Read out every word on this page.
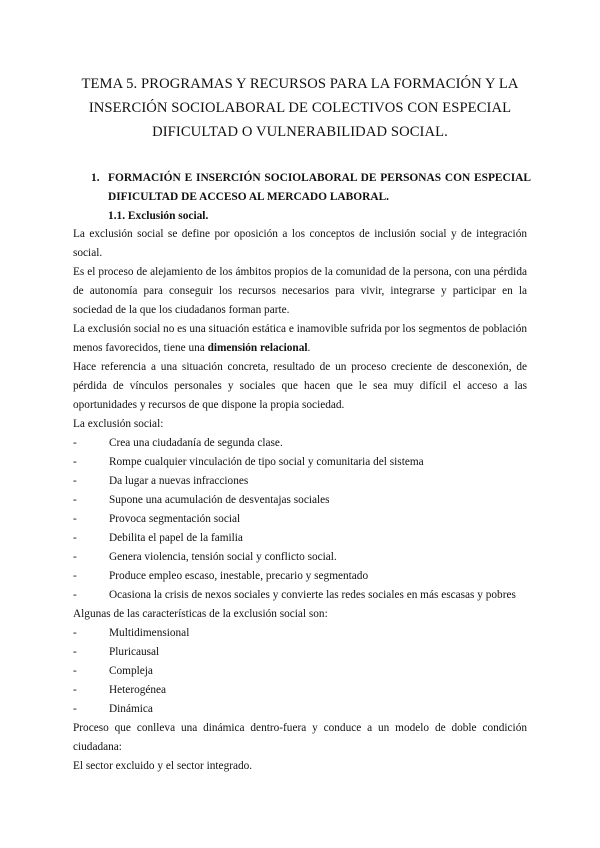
TEMA 5. PROGRAMAS Y RECURSOS PARA LA FORMACIÓN Y LA
INSERCIÓN SOCIOLABORAL DE COLECTIVOS CON ESPECIAL
DIFICULTAD O VULNERABILIDAD SOCIAL.
1. FORMACIÓN E INSERCIÓN SOCIOLABORAL DE PERSONAS CON ESPECIAL
DIFICULTAD DE ACCESO AL MERCADO LABORAL.
1.1. Exclusión social.

La exclusión social se define por oposición a los conceptos de inclusión social y de integración social.

Es el proceso de alejamiento de los ámbitos propios de la comunidad de la persona, con una pérdida de autonomía para conseguir los recursos necesarios para vivir, integrarse y participar en la sociedad de la que los ciudadanos forman parte.

La exclusión social no es una situación estática e inamovible sufrida por los segmentos de población menos favorecidos, tiene una dimensión relacional.

Hace referencia a una situación concreta, resultado de un proceso creciente de desconexión, de pérdida de vínculos personales y sociales que hacen que le sea muy difícil el acceso a las oportunidades y recursos de que dispone la propia sociedad.

La exclusión social:

-	Crea una ciudadanía de segunda clase.
-	Rompe cualquier vinculación de tipo social y comunitaria del sistema
-	Da lugar a nuevas infracciones
-	Supone una acumulación de desventajas sociales
-	Provoca segmentación social
-	Debilita el papel de la familia
-	Genera violencia, tensión social y conflicto social.
-	Produce empleo escaso, inestable, precario y segmentado
-	Ocasiona la crisis de nexos sociales y convierte las redes sociales en más escasas y pobres

Algunas de las características de la exclusión social son:

-	Multidimensional
-	Pluricausal
-	Compleja
-	Heterogénea
-	Dinámica

Proceso que conlleva una dinámica dentro-fuera y conduce a un modelo de doble condición ciudadana:

El sector excluido y el sector integrado.
